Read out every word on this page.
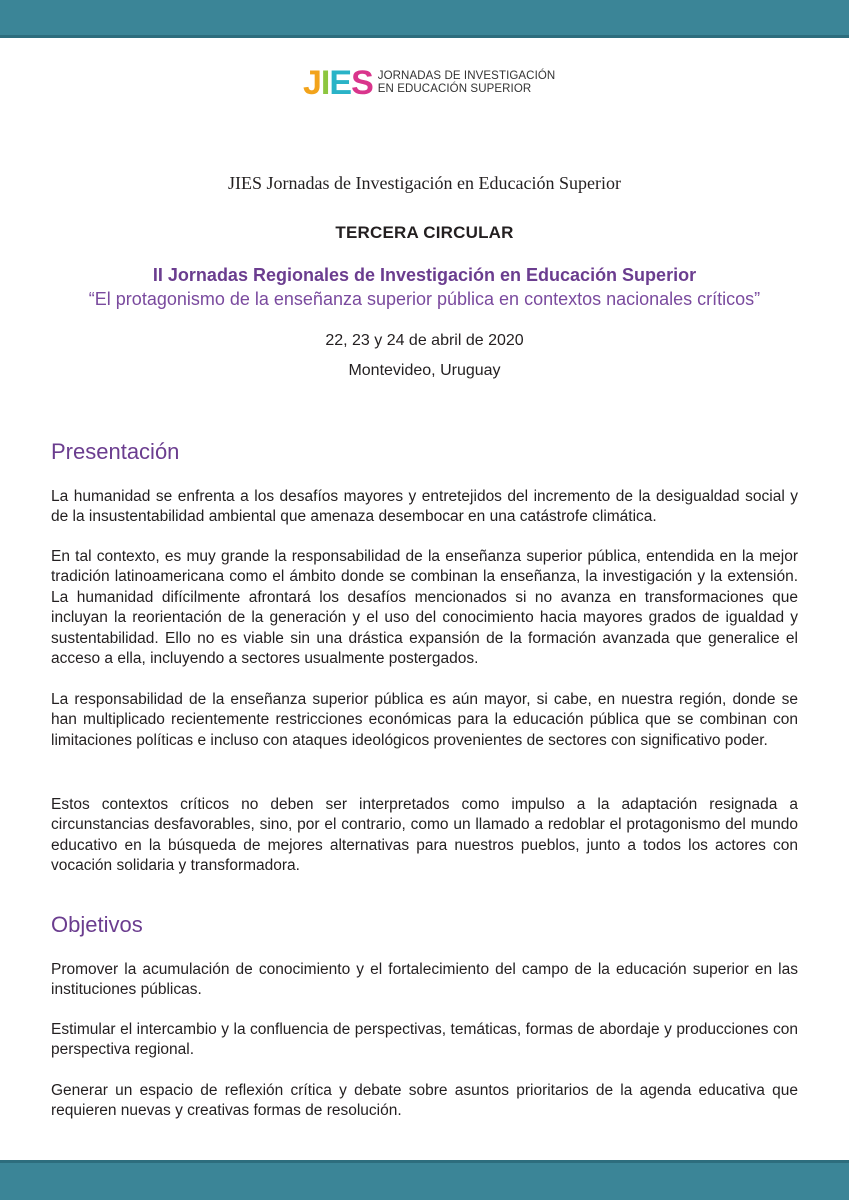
J I E S JORNADAS DE INVESTIGACIÓN
EN EDUCACIÓN SUPERIOR
JIES Jornadas de Investigación en Educación Superior
TERCERA CIRCULAR
II Jornadas Regionales de Investigación en Educación Superior
“El protagonismo de la enseñanza superior pública en contextos nacionales críticos”
22, 23 y 24 de abril de 2020
Montevideo, Uruguay
Presentación
La humanidad se enfrenta a los desafíos mayores y entretejidos del incremento de la desigualdad social y de la insustentabilidad ambiental que amenaza desembocar en una catástrofe climática.
En tal contexto, es muy grande la responsabilidad de la enseñanza superior pública, entendida en la mejor tradición latinoamericana como el ámbito donde se combinan la enseñanza, la investigación y la extensión. La humanidad difícilmente afrontará los desafíos mencionados si no avanza en transformaciones que incluyan la reorientación de la generación y el uso del conocimiento hacia mayores grados de igualdad y sustentabilidad. Ello no es viable sin una drástica expansión de la formación avanzada que generalice el acceso a ella, incluyendo a sectores usualmente postergados.
La responsabilidad de la enseñanza superior pública es aún mayor, si cabe, en nuestra región, donde se han multiplicado recientemente restricciones económicas para la educación pública que se combinan con limitaciones políticas e incluso con ataques ideológicos provenientes de sectores con significativo poder.
Estos contextos críticos no deben ser interpretados como impulso a la adaptación resignada a circunstancias desfavorables, sino, por el contrario, como un llamado a redoblar el protagonismo del mundo educativo en la búsqueda de mejores alternativas para nuestros pueblos, junto a todos los actores con vocación solidaria y transformadora.
Objetivos
Promover la acumulación de conocimiento y el fortalecimiento del campo de la educación superior en las instituciones públicas.
Estimular el intercambio y la confluencia de perspectivas, temáticas, formas de abordaje y producciones con perspectiva regional.
Generar un espacio de reflexión crítica y debate sobre asuntos prioritarios de la agenda educativa que requieren nuevas y creativas formas de resolución.
